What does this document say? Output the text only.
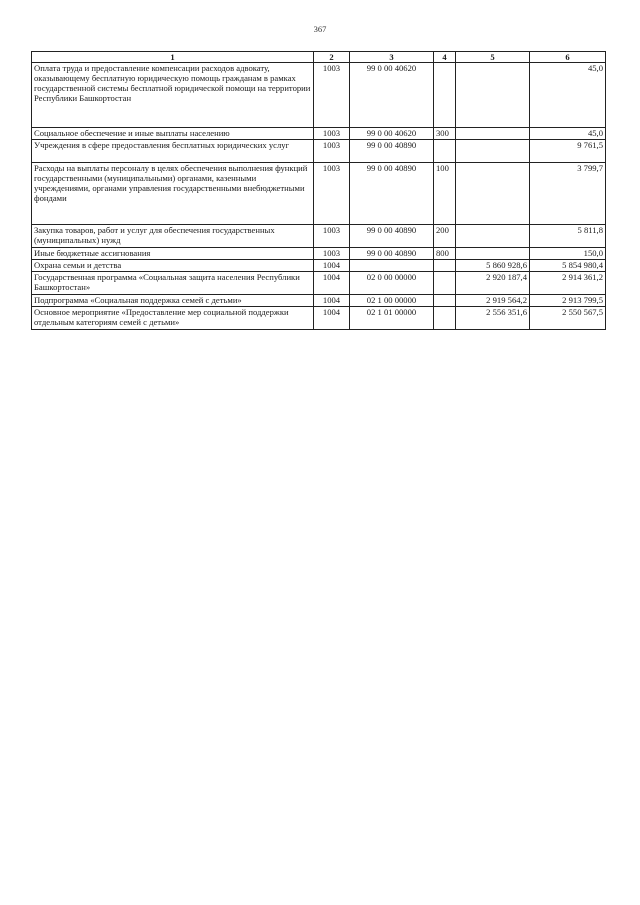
367
1	2	3	4	5	6
Оплата труда и предоставление компенсации расходов адвокату, оказывающему бесплатную юридическую помощь гражданам в рамках государственной системы бесплатной юридической помощи на территории Республики Башкортостан	1003	99 0 00 40620			45,0
Социальное обеспечение и иные выплаты населению	1003	99 0 00 40620	300		45,0
Учреждения в сфере предоставления бесплатных юридических услуг	1003	99 0 00 40890			9 761,5
Расходы на выплаты персоналу в целях обеспечения выполнения функций государственными (муниципальными) органами, казенными учреждениями, органами управления государственными внебюджетными фондами	1003	99 0 00 40890	100		3 799,7
Закупка товаров, работ и услуг для обеспечения государственных (муниципальных) нужд	1003	99 0 00 40890	200		5 811,8
Иные бюджетные ассигнования	1003	99 0 00 40890	800		150,0
Охрана семьи и детства	1004			5 860 928,6	5 854 980,4
Государственная программа «Социальная защита населения Республики Башкортостан»	1004	02 0 00 00000		2 920 187,4	2 914 361,2
Подпрограмма «Социальная поддержка семей с детьми»	1004	02 1 00 00000		2 919 564,2	2 913 799,5
Основное мероприятие «Предоставление мер социальной поддержки отдельным категориям семей с детьми»	1004	02 1 01 00000		2 556 351,6	2 550 567,5
